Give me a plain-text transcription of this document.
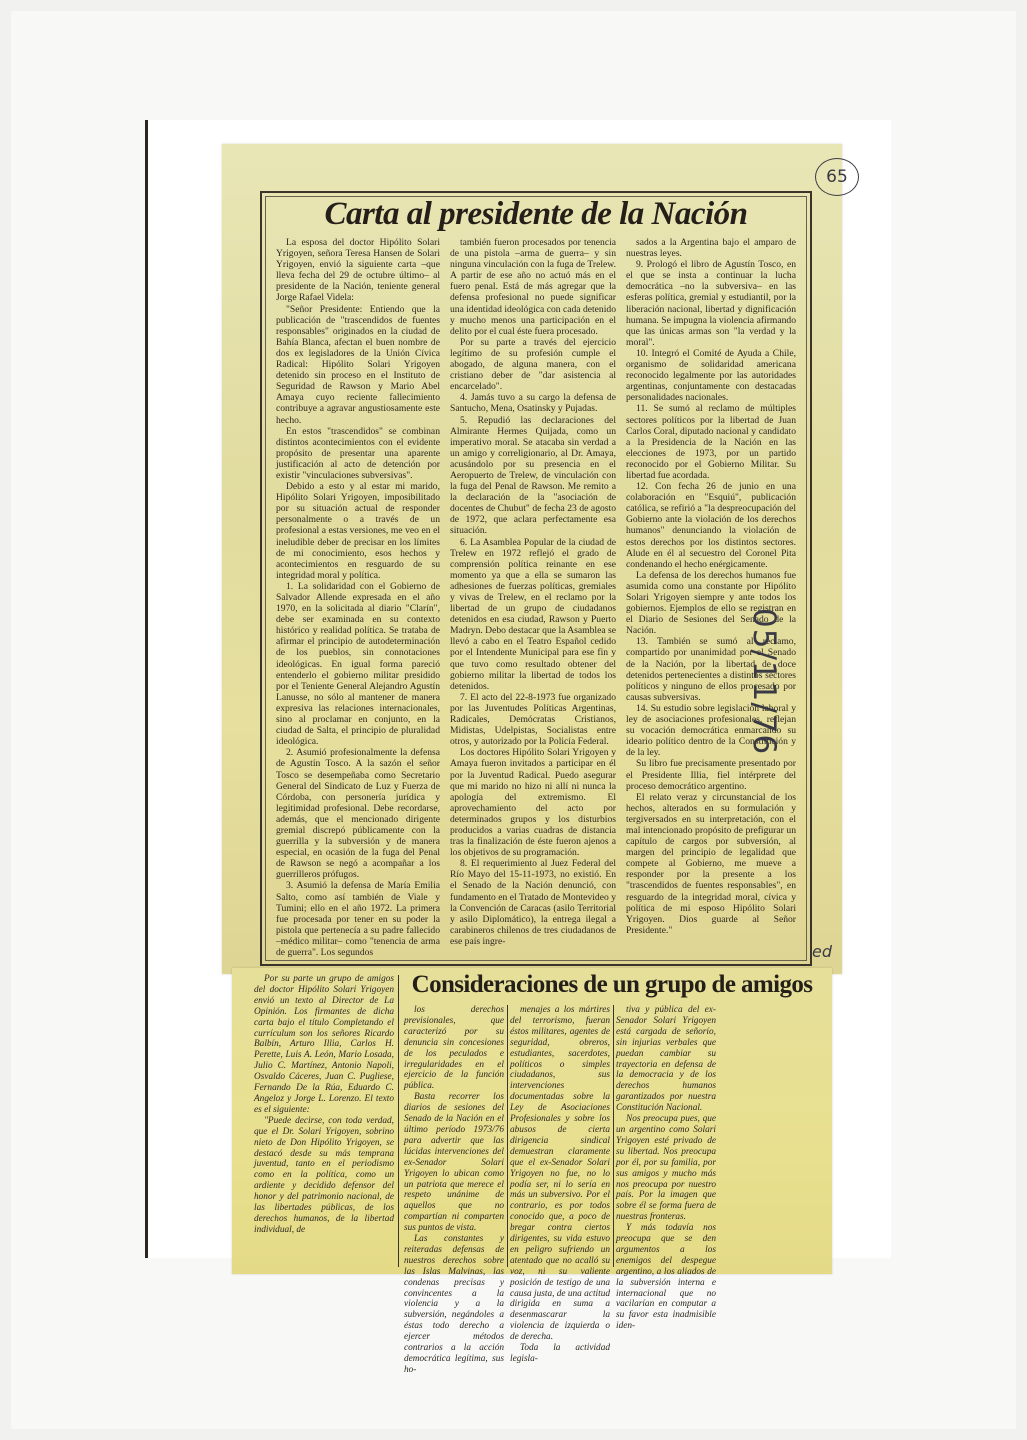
Carta al presidente de la Nación

La esposa del doctor Hipólito Solari Yrigoyen, señora Teresa Hansen de Solari Yrigoyen, envió la siguiente carta –que lleva fecha del 29 de octubre último– al presidente de la Nación, teniente general Jorge Rafael Videla:

"Señor Presidente: Entiendo que la publicación de "trascendidos de fuentes responsables" originados en la ciudad de Bahía Blanca, afectan el buen nombre de dos ex legisladores de la Unión Cívica Radical: Hipólito Solari Yrigoyen detenido sin proceso en el Instituto de Seguridad de Rawson y Mario Abel Amaya cuyo reciente fallecimiento contribuye a agravar angustiosamente este hecho.

En estos "trascendidos" se combinan distintos acontecimientos con el evidente propósito de presentar una aparente justificación al acto de detención por existir "vinculaciones subversivas".

Debido a esto y al estar mi marido, Hipólito Solari Yrigoyen, imposibilitado por su situación actual de responder personalmente o a través de un profesional a estas versiones, me veo en el ineludible deber de precisar en los límites de mi conocimiento, esos hechos y acontecimientos en resguardo de su integridad moral y política.

1. La solidaridad con el Gobierno de Salvador Allende expresada en el año 1970, en la solicitada al diario "Clarín", debe ser examinada en su contexto histórico y realidad política. Se trataba de afirmar el principio de autodeterminación de los pueblos, sin connotaciones ideológicas. En igual forma pareció entenderlo el gobierno militar presidido por el Teniente General Alejandro Agustín Lanusse, no sólo al mantener de manera expresiva las relaciones internacionales, sino al proclamar en conjunto, en la ciudad de Salta, el principio de pluralidad ideológica.

2. Asumió profesionalmente la defensa de Agustín Tosco. A la sazón el señor Tosco se desempeñaba como Secretario General del Sindicato de Luz y Fuerza de Córdoba, con personería jurídica y legitimidad profesional. Debe recordarse, además, que el mencionado dirigente gremial discrepó públicamente con la guerrilla y la subversión y de manera especial, en ocasión de la fuga del Penal de Rawson se negó a acompañar a los guerrilleros prófugos.

3. Asumió la defensa de María Emilia Salto, como así también de Viale y Tumini; ello en el año 1972. La primera fue procesada por tener en su poder la pistola que pertenecía a su padre fallecido –médico militar– como "tenencia de arma de guerra". Los segundos

también fueron procesados por tenencia de una pistola –arma de guerra– y sin ninguna vinculación con la fuga de Trelew. A partir de ese año no actuó más en el fuero penal. Está de más agregar que la defensa profesional no puede significar una identidad ideológica con cada detenido y mucho menos una participación en el delito por el cual éste fuera procesado.

Por su parte a través del ejercicio legítimo de su profesión cumple el abogado, de alguna manera, con el cristiano deber de "dar asistencia al encarcelado".

4. Jamás tuvo a su cargo la defensa de Santucho, Mena, Osatinsky y Pujadas.

5. Repudió las declaraciones del Almirante Hermes Quijada, como un imperativo moral. Se atacaba sin verdad a un amigo y correligionario, al Dr. Amaya, acusándolo por su presencia en el Aeropuerto de Trelew, de vinculación con la fuga del Penal de Rawson. Me remito a la declaración de la "asociación de docentes de Chubut" de fecha 23 de agosto de 1972, que aclara perfectamente esa situación.

6. La Asamblea Popular de la ciudad de Trelew en 1972 reflejó el grado de comprensión política reinante en ese momento ya que a ella se sumaron las adhesiones de fuerzas políticas, gremiales y vivas de Trelew, en el reclamo por la libertad de un grupo de ciudadanos detenidos en esa ciudad, Rawson y Puerto Madryn. Debo destacar que la Asamblea se llevó a cabo en el Teatro Español cedido por el Intendente Municipal para ese fin y que tuvo como resultado obtener del gobierno militar la libertad de todos los detenidos.

7. El acto del 22-8-1973 fue organizado por las Juventudes Políticas Argentinas, Radicales, Demócratas Cristianos, Midistas, Udelpistas, Socialistas entre otros, y autorizado por la Policía Federal.

Los doctores Hipólito Solari Yrigoyen y Amaya fueron invitados a participar en él por la Juventud Radical. Puedo asegurar que mi marido no hizo ni allí ni nunca la apología del extremismo. El aprovechamiento del acto por determinados grupos y los disturbios producidos a varias cuadras de distancia tras la finalización de éste fueron ajenos a los objetivos de su programación.

8. El requerimiento al Juez Federal del Río Mayo del 15-11-1973, no existió. En el Senado de la Nación denunció, con fundamento en el Tratado de Montevideo y la Convención de Caracas (asilo Territorial y asilo Diplomático), la entrega ilegal a carabineros chilenos de tres ciudadanos de ese país ingre-

sados a la Argentina bajo el amparo de nuestras leyes.

9. Prologó el libro de Agustín Tosco, en el que se insta a continuar la lucha democrática –no la subversiva– en las esferas política, gremial y estudiantil, por la liberación nacional, libertad y dignificación humana. Se impugna la violencia afirmando que las únicas armas son "la verdad y la moral".

10. Integró el Comité de Ayuda a Chile, organismo de solidaridad americana reconocido legalmente por las autoridades argentinas, conjuntamente con destacadas personalidades nacionales.

11. Se sumó al reclamo de múltiples sectores políticos por la libertad de Juan Carlos Coral, diputado nacional y candidato a la Presidencia de la Nación en las elecciones de 1973, por un partido reconocido por el Gobierno Militar. Su libertad fue acordada.

12. Con fecha 26 de junio en una colaboración en "Esquiú", publicación católica, se refirió a "la despreocupación del Gobierno ante la violación de los derechos humanos" denunciando la violación de estos derechos por los distintos sectores. Alude en él al secuestro del Coronel Pita condenando el hecho enérgicamente.

La defensa de los derechos humanos fue asumida como una constante por Hipólito Solari Yrigoyen siempre y ante todos los gobiernos. Ejemplos de ello se registran en el Diario de Sesiones del Senado de la Nación.

13. También se sumó al reclamo, compartido por unanimidad por el Senado de la Nación, por la libertad de doce detenidos pertenecientes a distintos sectores políticos y ninguno de ellos procesado por causas subversivas.

14. Su estudio sobre legislación laboral y ley de asociaciones profesionales, reflejan su vocación democrática enmarcando su ideario político dentro de la Constitución y de la ley.

Su libro fue precisamente presentado por el Presidente Illia, fiel intérprete del proceso democrático argentino.

El relato veraz y circunstancial de los hechos, alterados en su formulación y tergiversados en su interpretación, con el mal intencionado propósito de prefigurar un capítulo de cargos por subversión, al margen del principio de legalidad que compete al Gobierno, me mueve a responder por la presente a los "trascendidos de fuentes responsables", en resguardo de la integridad moral, cívica y política de mi esposo Hipólito Solari Yrigoyen. Dios guarde al Señor Presidente."

Consideraciones de un grupo de amigos

Por su parte un grupo de amigos del doctor Hipólito Solari Yrigoyen envió un texto al Director de La Opinión. Los firmantes de dicha carta bajo el título Completando el currículum son los señores Ricardo Balbín, Arturo Illia, Carlos H. Perette, Luis A. León, Mario Losada, Julio C. Martínez, Antonio Napoli, Osvaldo Cáceres, Juan C. Pugliese, Fernando De la Rúa, Eduardo C. Angeloz y Jorge L. Lorenzo. El texto es el siguiente:

"Puede decirse, con toda verdad, que el Dr. Solari Yrigoyen, sobrino nieto de Don Hipólito Yrigoyen, se destacó desde su más temprana juventud, tanto en el periodismo como en la política, como un ardiente y decidido defensor del honor y del patrimonio nacional, de las libertades públicas, de los derechos humanos, de la libertad individual, de

los derechos previsionales, que caracterizó por su denuncia sin concesiones de los peculados e irregularidades en el ejercicio de la función pública.

Basta recorrer los diarios de sesiones del Senado de la Nación en el último período 1973/76 para advertir que las lúcidas intervenciones del ex-Senador Solari Yrigoyen lo ubican como un patriota que merece el respeto unánime de aquellos que no compartían ni comparten sus puntos de vista.

Las constantes y reiteradas defensas de nuestros derechos sobre las Islas Malvinas, las condenas precisas y convincentes a la violencia y a la subversión, negándoles a éstas todo derecho a ejercer métodos contrarios a la acción democrática legítima, sus ho-

menajes a los mártires del terrorismo, fueran éstos militares, agentes de seguridad, obreros, estudiantes, sacerdotes, políticos o simples ciudadanos, sus intervenciones documentadas sobre la Ley de Asociaciones Profesionales y sobre los abusos de cierta dirigencia sindical demuestran claramente que el ex-Senador Solari Yrigoyen no fue, no lo podía ser, ni lo sería en más un subversivo. Por el contrario, es por todos conocido que, a poco de bregar contra ciertos dirigentes, su vida estuvo en peligro sufriendo un atentado que no acalló su voz, ni su valiente posición de testigo de una causa justa, de una actitud dirigida en suma a desenmascarar la violencia de izquierda o de derecha.

Toda la actividad legisla-

tiva y pública del ex-Senador Solari Yrigoyen está cargada de señorío, sin injurias verbales que puedan cambiar su trayectoria en defensa de la democracia y de los derechos humanos garantizados por nuestra Constitución Nacional.

Nos preocupa pues, que un argentino como Solari Yrigoyen esté privado de su libertad. Nos preocupa por él, por su familia, por sus amigos y mucho más nos preocupa por nuestro país. Por la imagen que sobre él se forma fuera de nuestras fronteras.

Y más todavía nos preocupa que se den argumentos a los enemigos del despegue argentino, a los aliados de la subversión interna e internacional que no vacilarían en computar a su favor esta inadmisible iden-

65
05/11/76
ed
